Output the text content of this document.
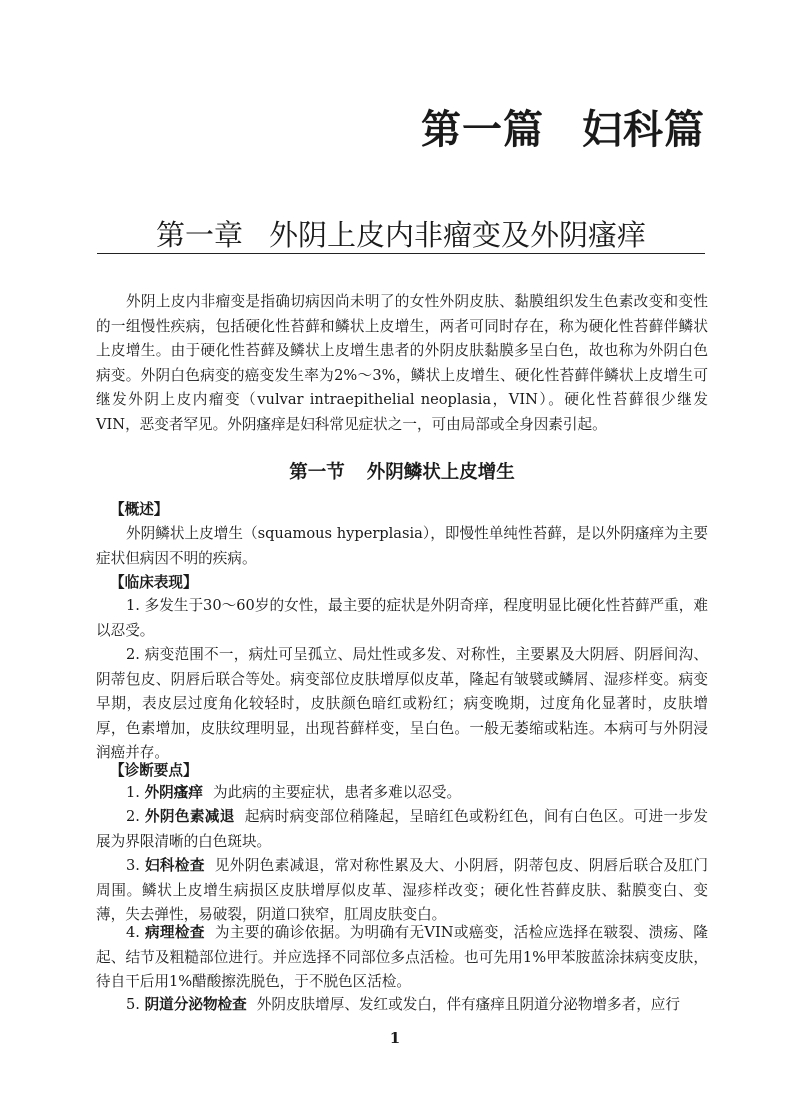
第一篇 妇科篇
第一章 外阴上皮内非瘤变及外阴瘙痒
外阴上皮内非瘤变是指确切病因尚未明了的女性外阴皮肤、黏膜组织发生色素改变和变性的一组慢性疾病，包括硬化性苔藓和鳞状上皮增生，两者可同时存在，称为硬化性苔藓伴鳞状上皮增生。由于硬化性苔藓及鳞状上皮增生患者的外阴皮肤黏膜多呈白色，故也称为外阴白色病变。外阴白色病变的癌变发生率为2%～3%，鳞状上皮增生、硬化性苔藓伴鳞状上皮增生可继发外阴上皮内瘤变（vulvar intraepithelial neoplasia，VIN）。硬化性苔藓很少继发VIN，恶变者罕见。外阴瘙痒是妇科常见症状之一，可由局部或全身因素引起。
第一节 外阴鳞状上皮增生
【概述】
外阴鳞状上皮增生（squamous hyperplasia），即慢性单纯性苔藓，是以外阴瘙痒为主要症状但病因不明的疾病。
【临床表现】
1. 多发生于30～60岁的女性，最主要的症状是外阴奇痒，程度明显比硬化性苔藓严重，难以忍受。
2. 病变范围不一，病灶可呈孤立、局灶性或多发、对称性，主要累及大阴唇、阴唇间沟、阴蒂包皮、阴唇后联合等处。病变部位皮肤增厚似皮革，隆起有皱襞或鳞屑、湿疹样变。病变早期，表皮层过度角化较轻时，皮肤颜色暗红或粉红；病变晚期，过度角化显著时，皮肤增厚，色素增加，皮肤纹理明显，出现苔藓样变，呈白色。一般无萎缩或粘连。本病可与外阴浸润癌并存。
【诊断要点】
1. 外阴瘙痒 为此病的主要症状，患者多难以忍受。
2. 外阴色素减退 起病时病变部位稍隆起，呈暗红色或粉红色，间有白色区。可进一步发展为界限清晰的白色斑块。
3. 妇科检查 见外阴色素减退，常对称性累及大、小阴唇，阴蒂包皮、阴唇后联合及肛门周围。鳞状上皮增生病损区皮肤增厚似皮革、湿疹样改变；硬化性苔藓皮肤、黏膜变白、变薄，失去弹性，易破裂，阴道口狭窄，肛周皮肤变白。
4. 病理检查 为主要的确诊依据。为明确有无VIN或癌变，活检应选择在皲裂、溃疡、隆起、结节及粗糙部位进行。并应选择不同部位多点活检。也可先用1%甲苯胺蓝涂抹病变皮肤，待自干后用1%醋酸擦洗脱色，于不脱色区活检。
5. 阴道分泌物检查 外阴皮肤增厚、发红或发白，伴有瘙痒且阴道分泌物增多者，应行
1
